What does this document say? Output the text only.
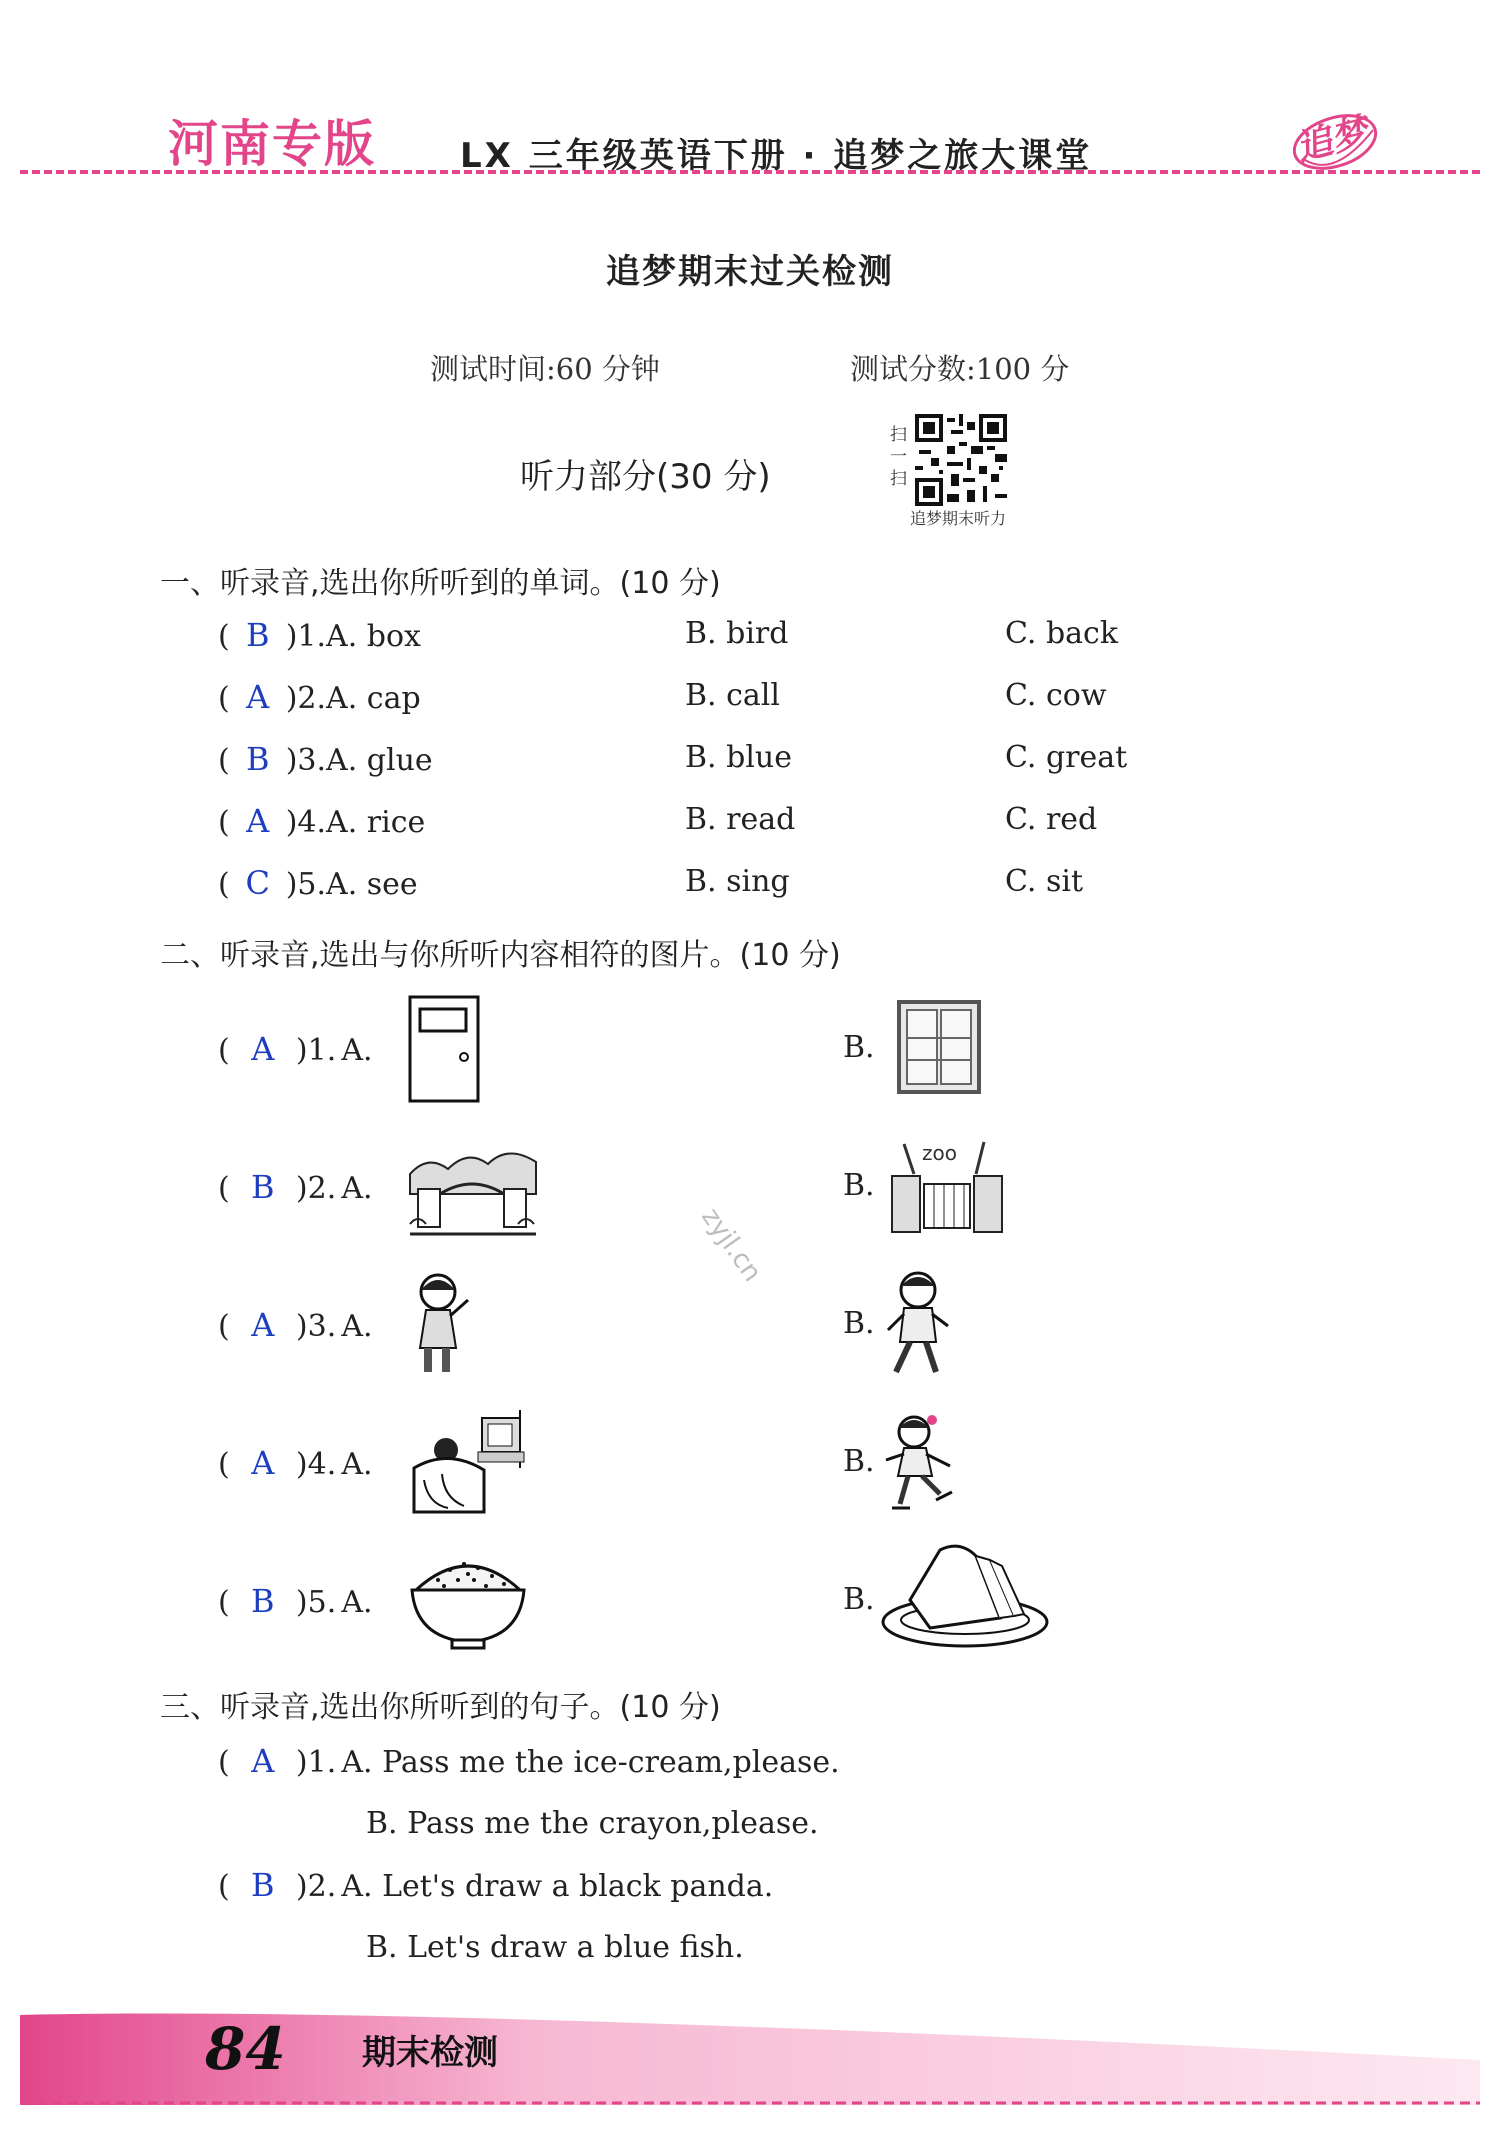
河南专版 LX 三年级英语下册 · 追梦之旅大课堂	追梦
追梦期末过关检测
测试时间:60 分钟	测试分数:100 分
听力部分(30 分)
扫一扫
追梦期末听力
一、听录音,选出你所听到的单词。(10 分)
( B )1.A. box	B. bird	C. back
( A )2.A. cap	B. call	C. cow
( B )3.A. glue	B. blue	C. great
( A )4.A. rice	B. read	C. red
( C )5.A. see	B. sing	C. sit
二、听录音,选出与你所听内容相符的图片。(10 分)
( A )1. A.	B.
( B )2. A.	B.
zoo
( A )3. A.	B.
( A )4. A.	B.
( B )5. A.	B.
三、听录音,选出你所听到的句子。(10 分)
( A )1. A. Pass me the ice-cream,please.
B. Pass me the crayon,please.
( B )2. A. Let's draw a black panda.
B. Let's draw a blue fish.
zyjl.cn
84 期末检测
